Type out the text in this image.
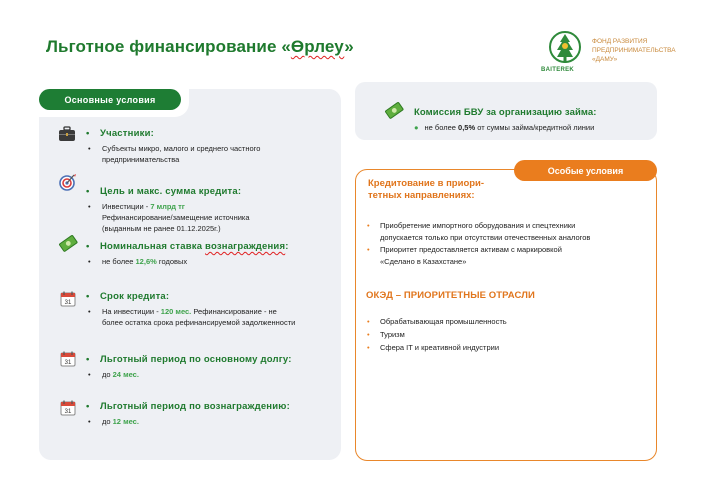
Льготное финансирование «Өрлеу»
BAITEREK
ФОНД РАЗВИТИЯ
ПРЕДПРИНИМАТЕЛЬСТВА
«ДАМУ»
Основные условия
• Участники:
• Субъекты микро, малого и среднего частного
предпринимательства
• Цель и макс. сумма кредита:
• Инвестиции - 7 млрд тг
Рефинансирование/замещение источника
(выданным не ранее 01.12.2025г.)
• Номинальная ставка вознаграждения:
• не более 12,6% годовых
31
• Срок кредита:
• На инвестиции - 120 мес. Рефинансирование - не
более остатка срока рефинансируемой задолженности
31	• Льготный период по основному долгу:
• до 24 мес.
31	• Льготный период по вознаграждению:
• до 12 мес.
Комиссия БВУ за организацию займа:
● не более 0,5% от суммы займа/кредитной линии
Особые условия
Кредитование в приори-
тетных направлениях:
• Приобретение импортного оборудования и спецтехники
допускается только при отсутствии отечественных аналогов
• Приоритет предоставляется активам с маркировкой
«Сделано в Казахстане»
ОКЭД – ПРИОРИТЕТНЫЕ ОТРАСЛИ
• Обрабатывающая промышленность
• Туризм
• Сфера IT и креативной индустрии
